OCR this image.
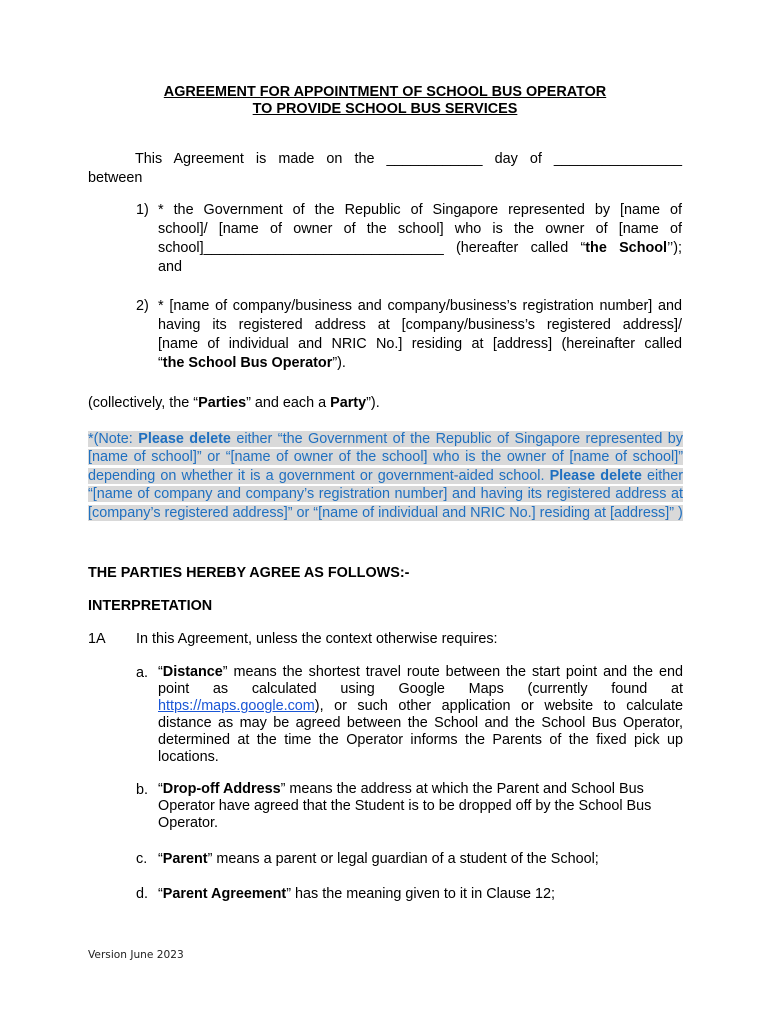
AGREEMENT FOR APPOINTMENT OF SCHOOL BUS OPERATOR
TO PROVIDE SCHOOL BUS SERVICES
This Agreement is made on the ____________ day of ________________
between
1) * the Government of the Republic of Singapore represented by [name of
school]/ [name of owner of the school] who is the owner of [name of
school]______________________________ (hereafter called “the School’’);
and
2) * [name of company/business and company/business’s registration number] and
having its registered address at [company/business’s registered address]/
[name of individual and NRIC No.] residing at [address] (hereinafter called
“the School Bus Operator”).
(collectively, the “Parties” and each a Party”).
*(Note: Please delete either “the Government of the Republic of Singapore represented by [name of school]” or “[name of owner of the school] who is the owner of [name of school]” depending on whether it is a government or government-aided school. Please delete either “[name of company and company’s registration number] and having its registered address at [company’s registered address]” or “[name of individual and NRIC No.] residing at [address]” )
THE PARTIES HEREBY AGREE AS FOLLOWS:-
INTERPRETATION
1A In this Agreement, unless the context otherwise requires:
a. “Distance” means the shortest travel route between the start point and the end point as calculated using Google Maps (currently found at https://maps.google.com), or such other application or website to calculate distance as may be agreed between the School and the School Bus Operator, determined at the time the Operator informs the Parents of the fixed pick up locations.
b. “Drop-off Address” means the address at which the Parent and School Bus Operator have agreed that the Student is to be dropped off by the School Bus Operator.
c. “Parent” means a parent or legal guardian of a student of the School;
d. “Parent Agreement” has the meaning given to it in Clause 12;
Version June 2023
